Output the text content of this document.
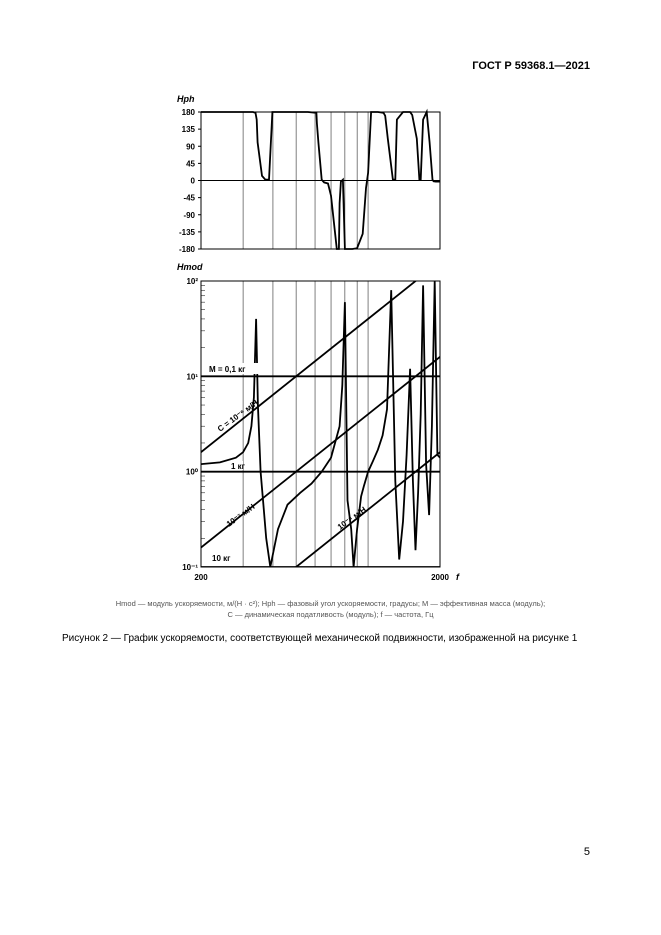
ГОСТ Р 59368.1—2021
180
135
90
45
0
-45
-90
-135
-180
Hph
10²
10¹
10⁰
10⁻¹
200	2000 f
Hmod
M = 0,1 кг
1 кг
10 кг
C = 10⁻⁶ м/Н
10⁻⁷ м/Н	10⁻⁸ м/Н
Hmod — модуль ускоряемости, м/(Н · с²); Hph — фазовый угол ускоряемости, градусы; M — эффективная масса (модуль);
C — динамическая податливость (модуль); f — частота, Гц
Рисунок 2 — График ускоряемости, соответствующей механической подвижности, изображенной на рисунке 1
5
